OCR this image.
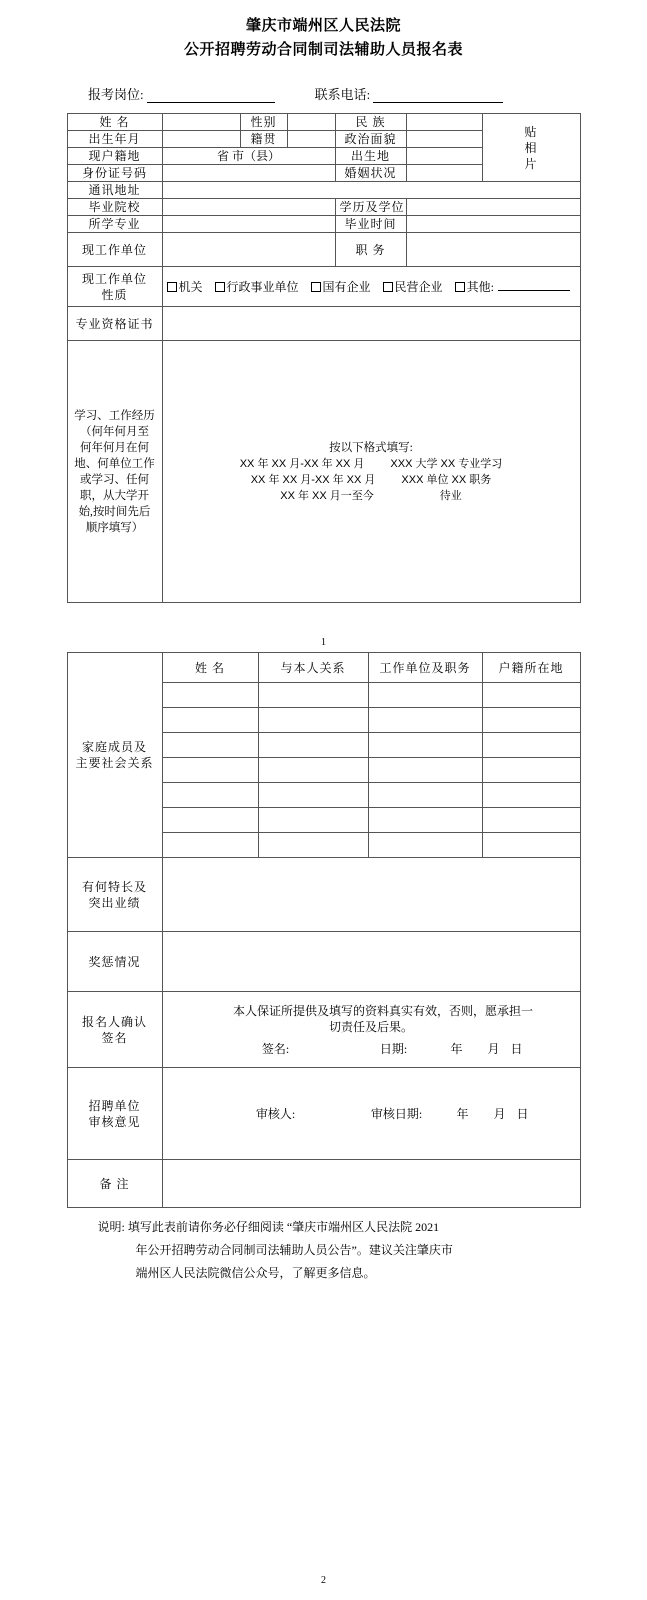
肇庆市端州区人民法院
公开招聘劳动合同制司法辅助人员报名表
报考岗位:	联系电话:
姓 名		性别		民 族		贴
相
片

出生年月		籍贯		政治面貌		
现户籍地	省 市（县）			出生地		
身份证号码				婚姻状况		
通讯地址						
毕业院校				学历及学位		
所学专业				毕业时间		
现工作单位				职 务		

现工作单位
性质	机关 行政事业单位 国有企业 民营企业 其他:					
专业资格证书						

学习、工作经历
（何年何月至
何年何月在何
地、何单位工作
或学习、任何
职，从大学开
始,按时间先后
顺序填写）

按以下格式填写:
XX 年 XX 月-XX 年 XX 月 XXX 大学 XX 专业学习
XX 年 XX 月-XX 年 XX 月 XXX 单位 XX 职务
XX 年 XX 月一至今	待业
1
家庭成员及
主要社会关系	姓 名	与本人关系	工作单位及职务	户籍所在地

有何特长及
突出业绩				

奖惩情况				

报名人确认
签名

本人保证所提供及填写的资料真实有效，否则，愿承担一
切责任及后果。
签名:	日期:	年	月 日

招聘单位
审核意见

审核人:	审核日期:	年	月 日

备 注				
说明: 填写此表前请你务必仔细阅读 “肇庆市端州区人民法院 2021
年公开招聘劳动合同制司法辅助人员公告”。建议关注肇庆市
端州区人民法院微信公众号，了解更多信息。
2
